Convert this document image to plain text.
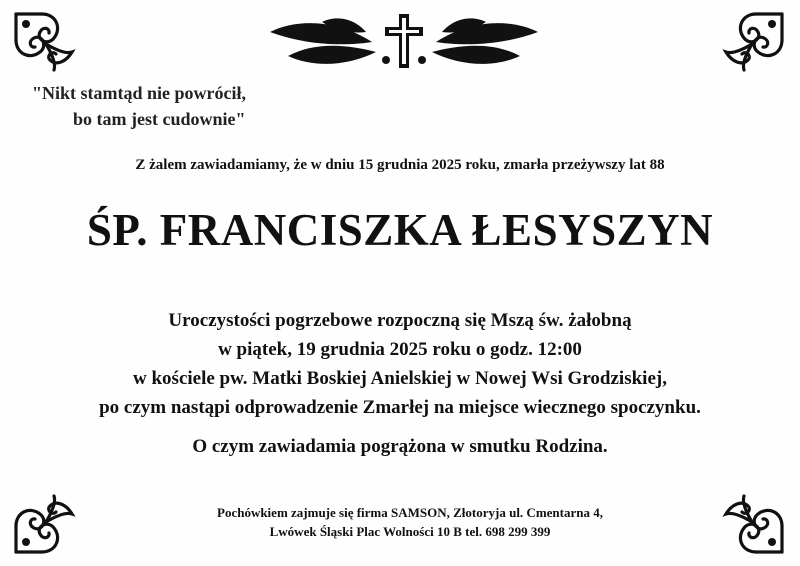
"Nikt stamtąd nie powrócił,
bo tam jest cudownie"
Z żalem zawiadamiamy, że w dniu 15 grudnia 2025 roku, zmarła przeżywszy lat 88
ŚP. FRANCISZKA ŁESYSZYN
Uroczystości pogrzebowe rozpoczną się Mszą św. żałobną
w piątek, 19 grudnia 2025 roku o godz. 12:00
w kościele pw. Matki Boskiej Anielskiej w Nowej Wsi Grodziskiej,
po czym nastąpi odprowadzenie Zmarłej na miejsce wiecznego spoczynku.
O czym zawiadamia pogrążona w smutku Rodzina.
Pochówkiem zajmuje się firma SAMSON, Złotoryja ul. Cmentarna 4,
Lwówek Śląski Plac Wolności 10 B tel. 698 299 399
